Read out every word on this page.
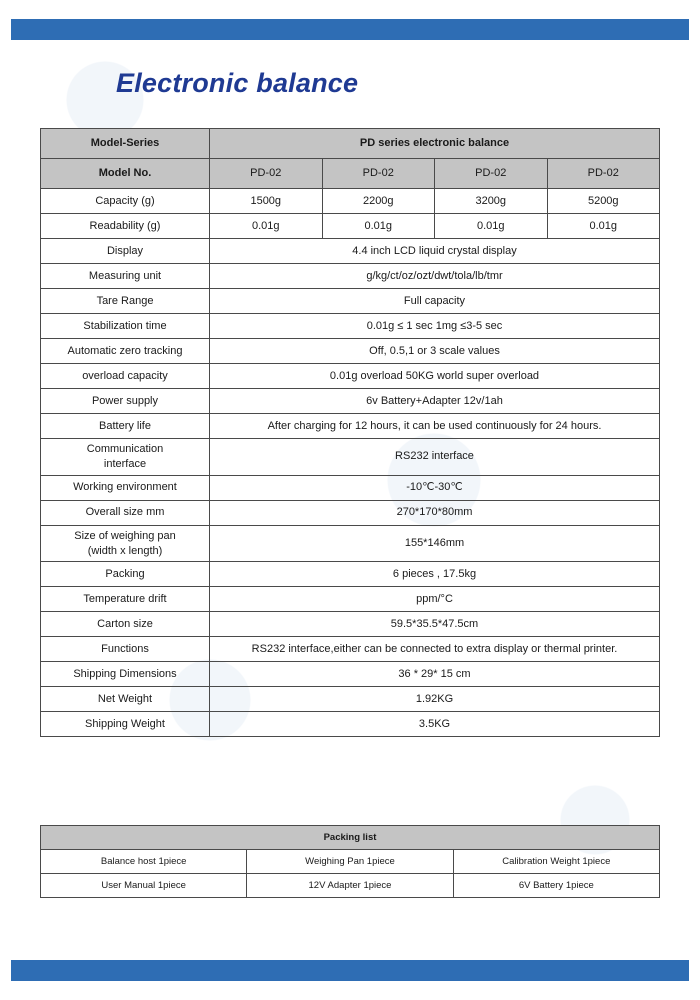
Electronic balance
Model-Series	PD series electronic balance			
Model No.	PD-02	PD-02	PD-02	PD-02
Capacity (g)	1500g	2200g	3200g	5200g
Readability (g)	0.01g	0.01g	0.01g	0.01g
Display	4.4 inch LCD liquid crystal display			
Measuring unit	g/kg/ct/oz/ozt/dwt/tola/lb/tmr			
Tare Range	Full capacity			
Stabilization time	0.01g ≤ 1 sec 1mg ≤3-5 sec			
Automatic zero tracking	Off, 0.5,1 or 3 scale values			
overload capacity	0.01g overload 50KG world super overload			
Power supply	6v Battery+Adapter 12v/1ah			
Battery life	After charging for 12 hours, it can be used continuously for 24 hours.			
Communication
interface	RS232 interface			
Working environment	-10℃-30℃			
Overall size mm	270*170*80mm			
Size of weighing pan
(width x length)	155*146mm			
Packing	6 pieces , 17.5kg			
Temperature drift	ppm/°C			
Carton size	59.5*35.5*47.5cm			
Functions	RS232 interface,either can be connected to extra display or thermal printer.			
Shipping Dimensions	36 * 29* 15 cm			
Net Weight	1.92KG			
Shipping Weight	3.5KG			
Packing list		
Balance host 1piece	Weighing Pan 1piece	Calibration Weight 1piece
User Manual 1piece	12V Adapter 1piece	6V Battery 1piece
